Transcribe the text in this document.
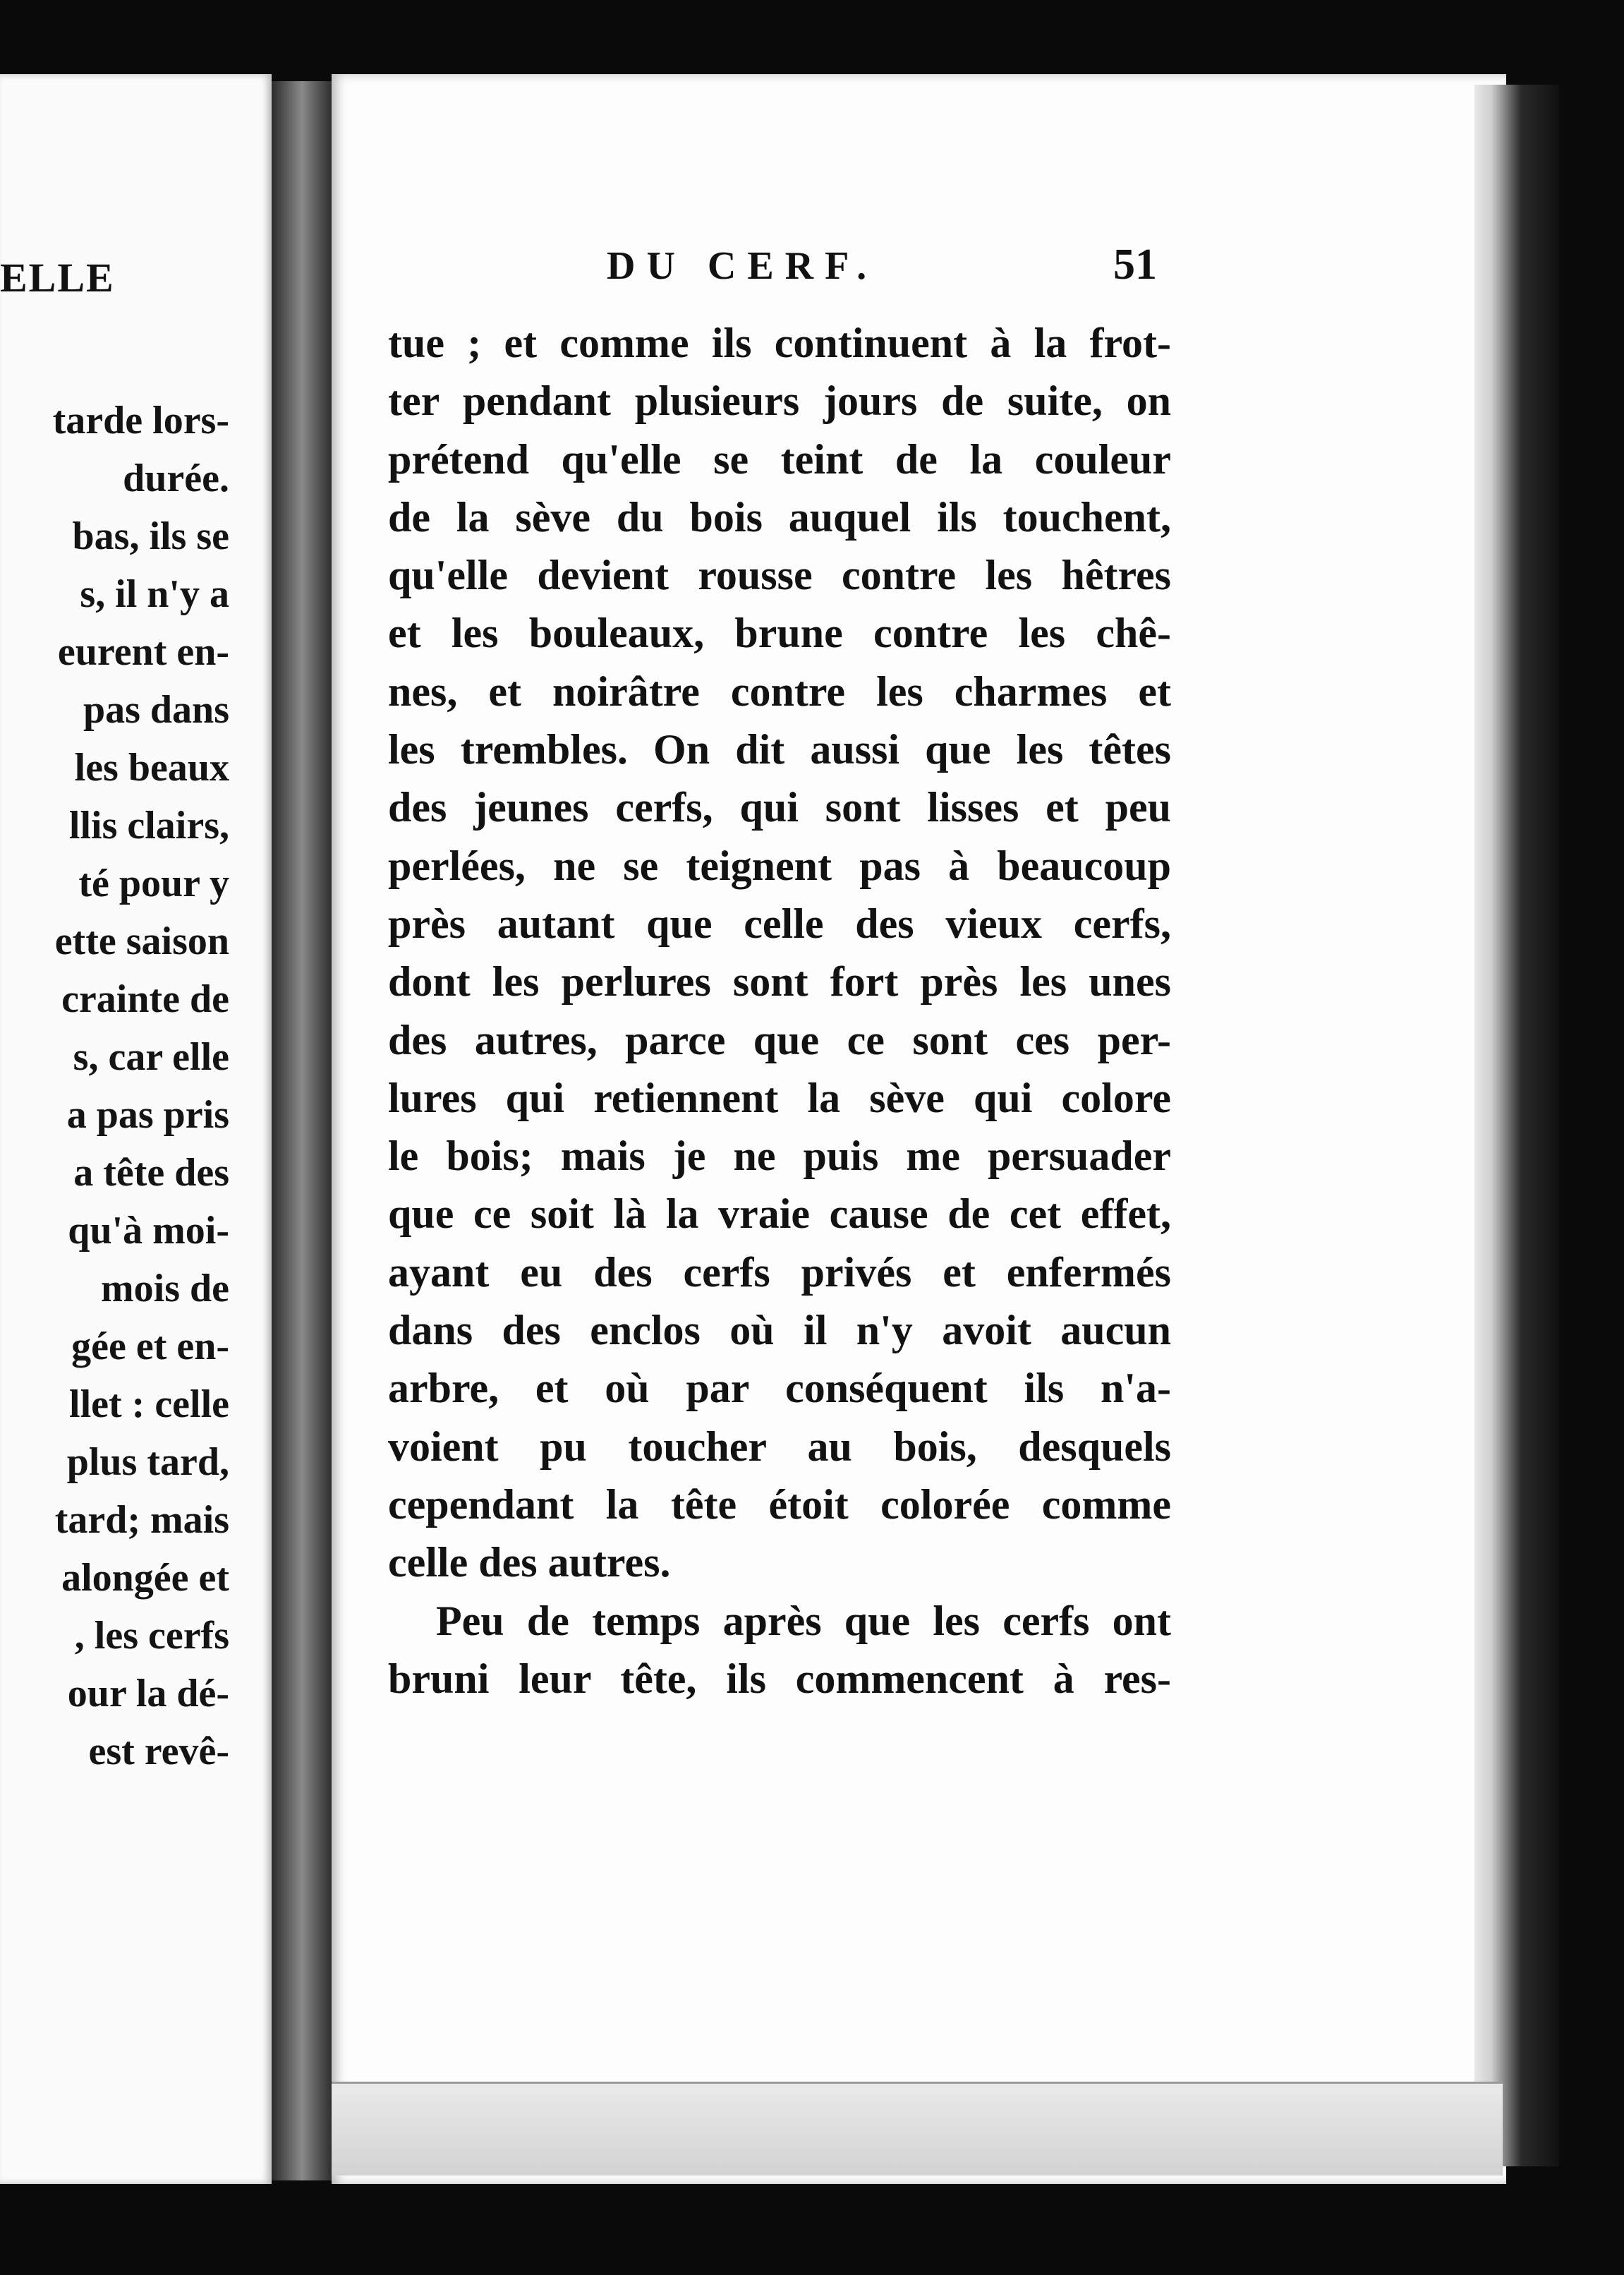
ELLE
tarde lors-
durée.
bas, ils se
s, il n'y a
eurent en-
pas dans
les beaux
llis clairs,
té pour y
ette saison
crainte de
s, car elle
a pas pris
a tête des
qu'à moi-
mois de
gée et en-
llet : celle
plus tard,
tard; mais
alongée et
, les cerfs
our la dé-
est revê-
DU CERF.	51
tue ; et comme ils continuent à la frot-
ter pendant plusieurs jours de suite, on
prétend qu'elle se teint de la couleur
de la sève du bois auquel ils touchent,
qu'elle devient rousse contre les hêtres
et les bouleaux, brune contre les chê-
nes, et noirâtre contre les charmes et
les trembles. On dit aussi que les têtes
des jeunes cerfs, qui sont lisses et peu
perlées, ne se teignent pas à beaucoup
près autant que celle des vieux cerfs,
dont les perlures sont fort près les unes
des autres, parce que ce sont ces per-
lures qui retiennent la sève qui colore
le bois; mais je ne puis me persuader
que ce soit là la vraie cause de cet effet,
ayant eu des cerfs privés et enfermés
dans des enclos où il n'y avoit aucun
arbre, et où par conséquent ils n'a-
voient pu toucher au bois, desquels
cependant la tête étoit colorée comme
celle des autres.
Peu de temps après que les cerfs ont
bruni leur tête, ils commencent à res-
